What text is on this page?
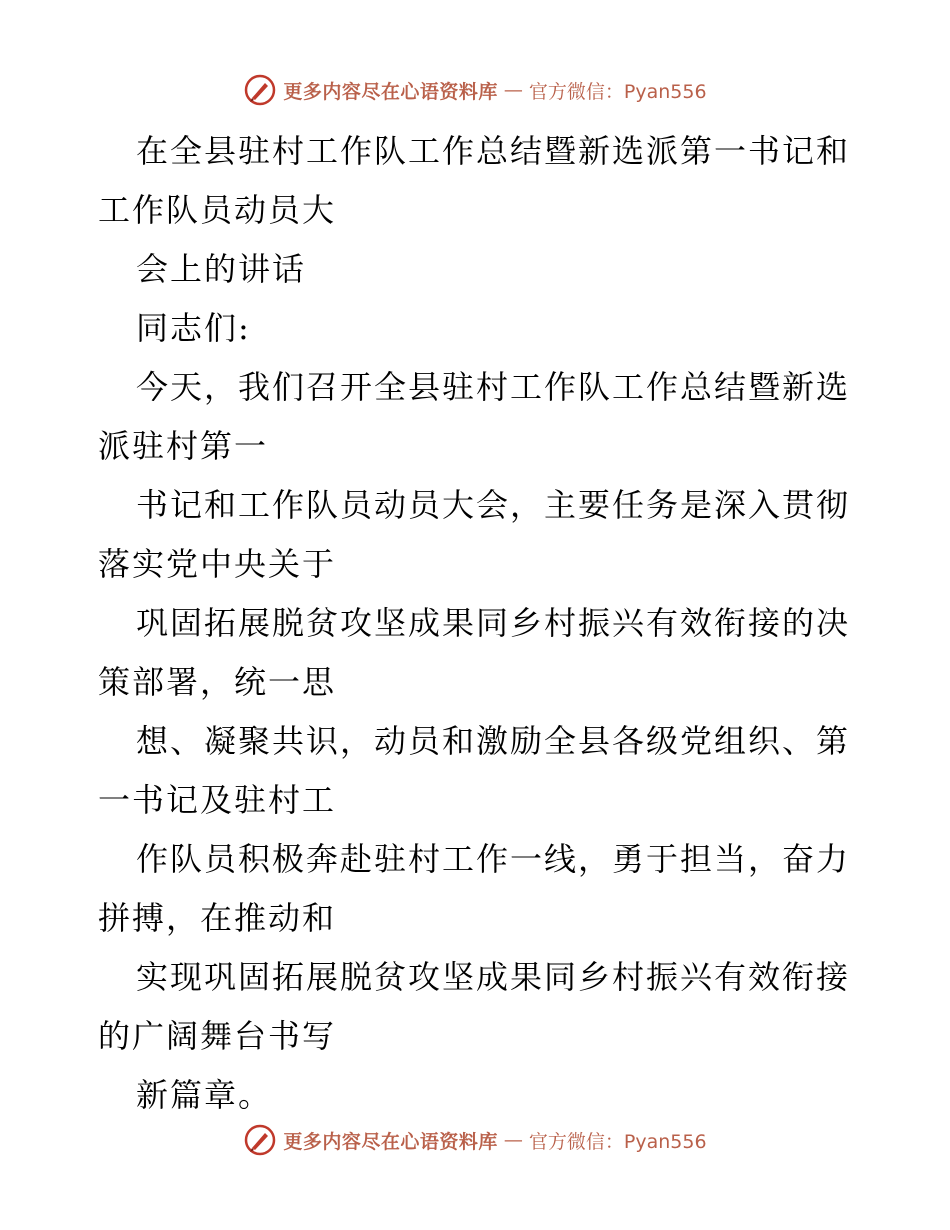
更多内容尽在心语资料库 — 官方微信：Pyan556
在全县驻村工作队工作总结暨新选派第一书记和
工作队员动员大
会上的讲话
同志们:
今天，我们召开全县驻村工作队工作总结暨新选
派驻村第一
书记和工作队员动员大会，主要任务是深入贯彻
落实党中央关于
巩固拓展脱贫攻坚成果同乡村振兴有效衔接的决
策部署，统一思
想、凝聚共识，动员和激励全县各级党组织、第
一书记及驻村工
作队员积极奔赴驻村工作一线，勇于担当，奋力
拼搏，在推动和
实现巩固拓展脱贫攻坚成果同乡村振兴有效衔接
的广阔舞台书写
新篇章。
更多内容尽在心语资料库 — 官方微信：Pyan556
